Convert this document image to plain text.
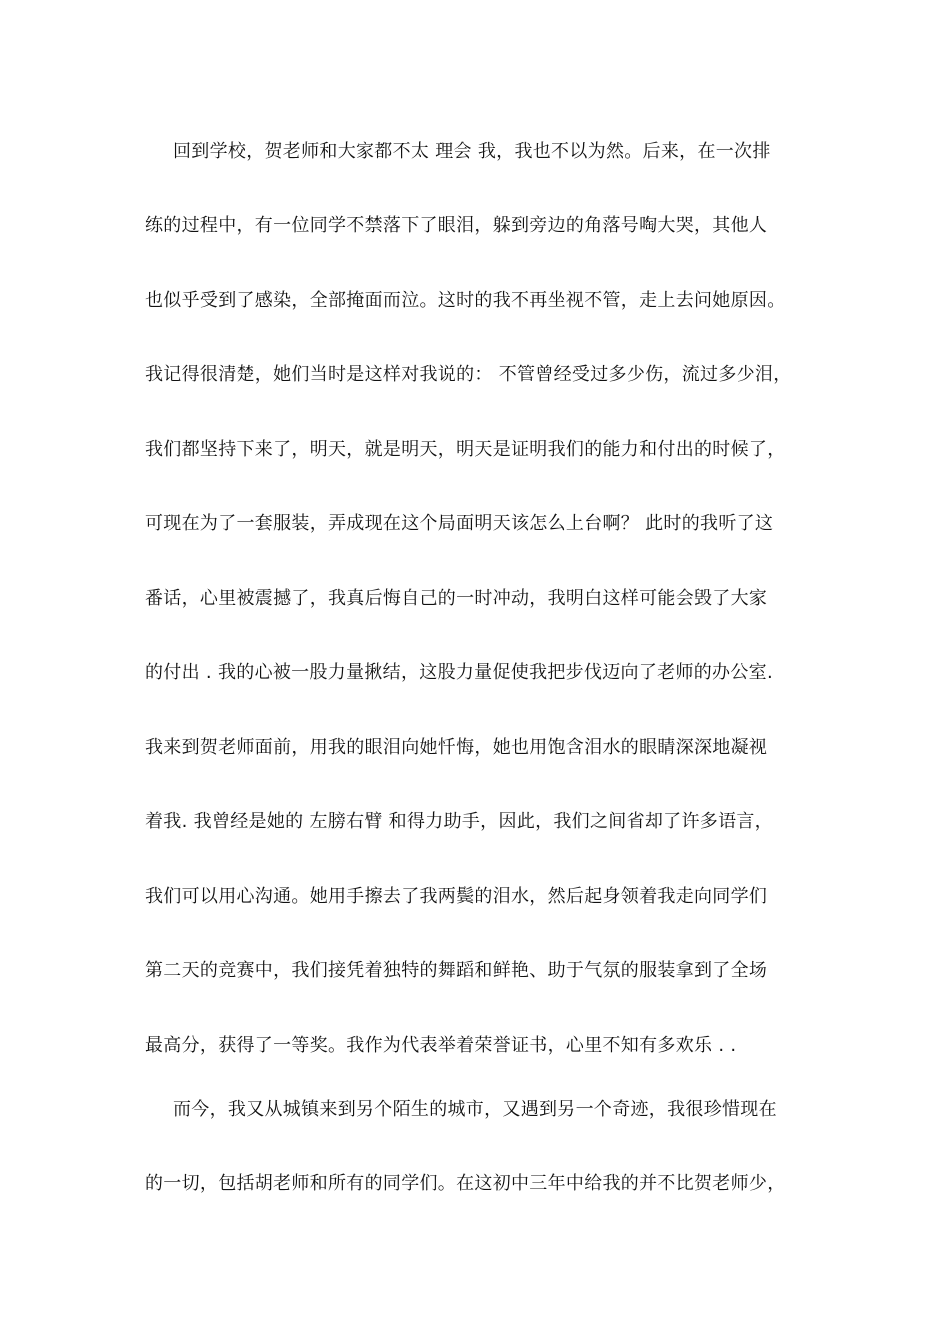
回到学校，贺老师和大家都不太 理会 我，我也不以为然。后来，在一次排
练的过程中，有一位同学不禁落下了眼泪，躲到旁边的角落号啕大哭，其他人
也似乎受到了感染，全部掩面而泣。这时的我不再坐视不管，走上去问她原因。
我记得很清楚，她们当时是这样对我说的： 不管曾经受过多少伤，流过多少泪，
我们都坚持下来了，明天，就是明天，明天是证明我们的能力和付出的时候了，
可现在为了一套服装，弄成现在这个局面明天该怎么上台啊？ 此时的我听了这
番话，心里被震撼了，我真后悔自己的一时冲动，我明白这样可能会毁了大家
的付出 . 我的心被一股力量揪结，这股力量促使我把步伐迈向了老师的办公室.
我来到贺老师面前，用我的眼泪向她忏悔，她也用饱含泪水的眼睛深深地凝视
着我. 我曾经是她的 左膀右臂 和得力助手，因此，我们之间省却了许多语言，
我们可以用心沟通。她用手擦去了我两鬓的泪水，然后起身领着我走向同学们
第二天的竞赛中，我们接凭着独特的舞蹈和鲜艳、助于气氛的服装拿到了全场
最高分，获得了一等奖。我作为代表举着荣誉证书，心里不知有多欢乐 . .
而今，我又从城镇来到另个陌生的城市，又遇到另一个奇迹，我很珍惜现在
的一切，包括胡老师和所有的同学们。在这初中三年中给我的并不比贺老师少，
